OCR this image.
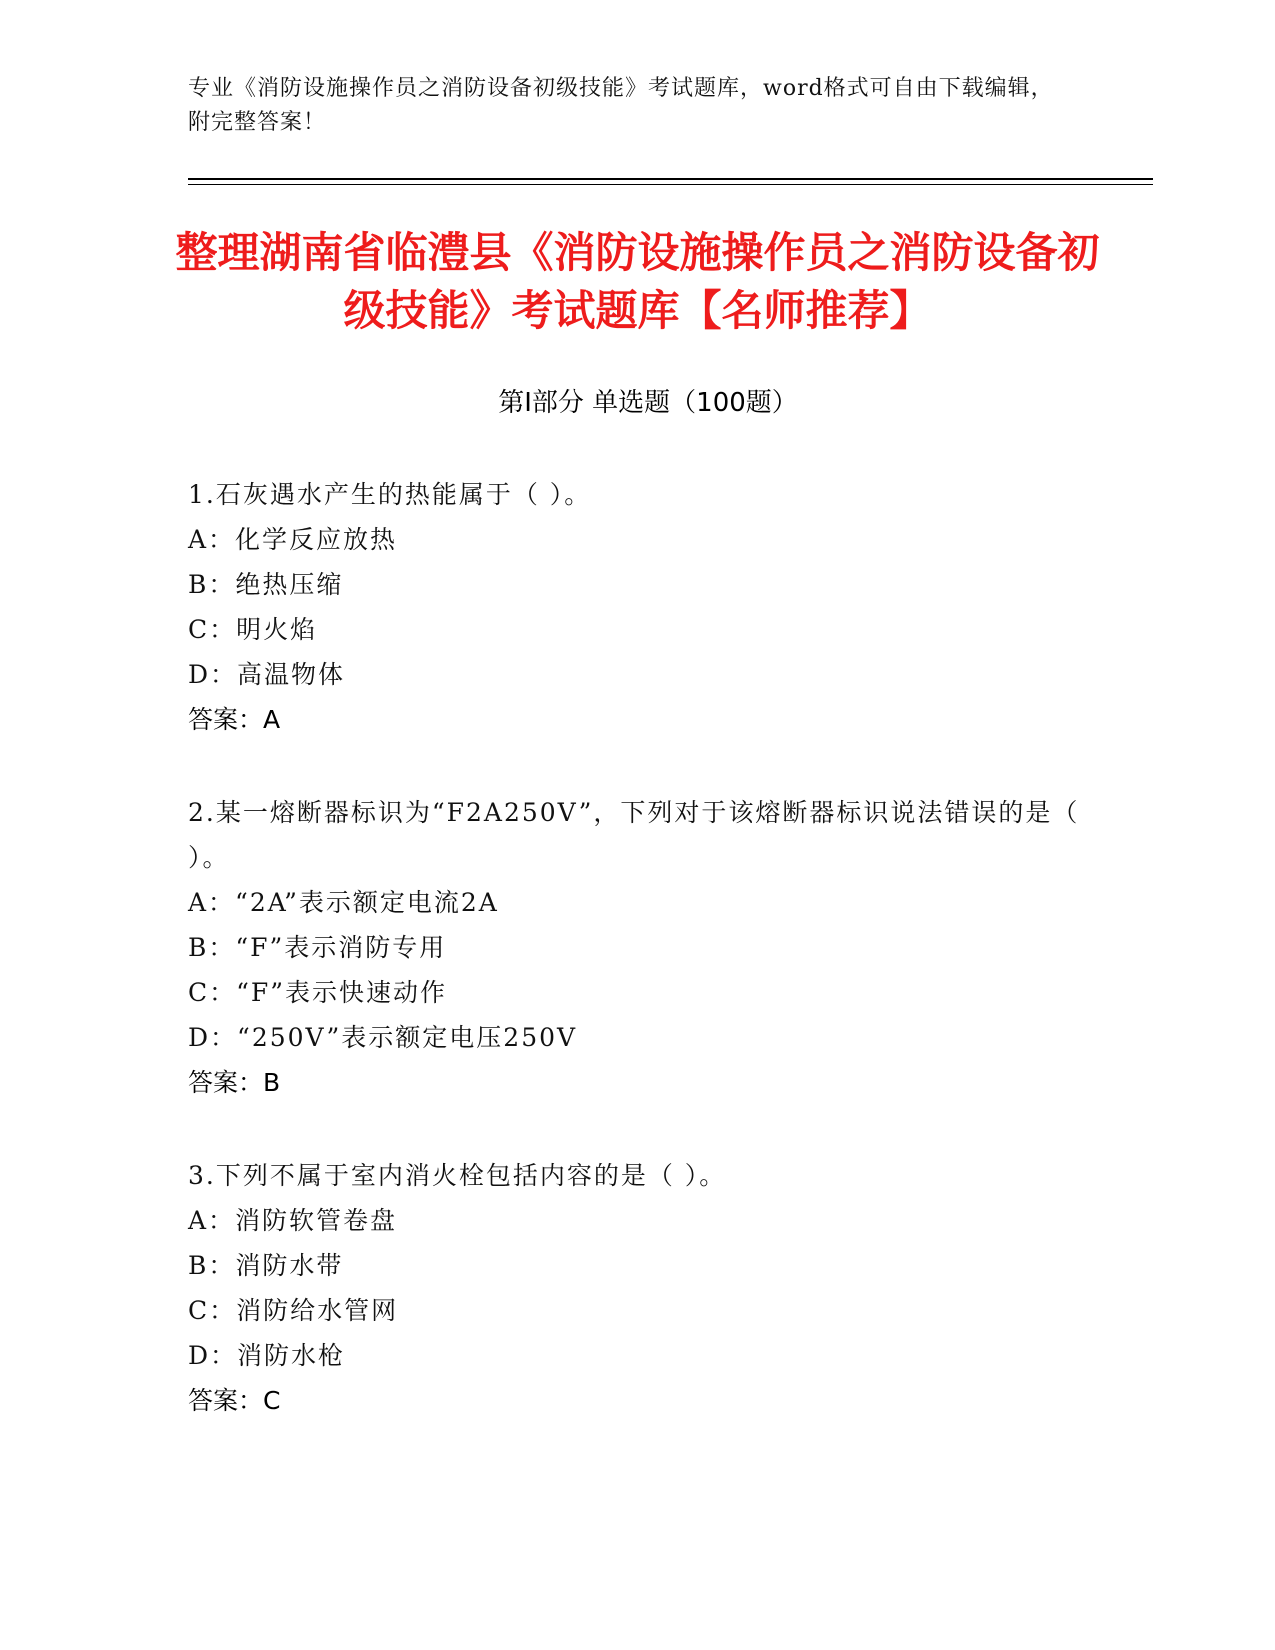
专业《消防设施操作员之消防设备初级技能》考试题库，word格式可自由下载编辑，附完整答案！
整理湖南省临澧县《消防设施操作员之消防设备初级技能》考试题库【名师推荐】
第Ⅰ部分 单选题（100题）

1.石灰遇水产生的热能属于（ ）。

A：化学反应放热

B：绝热压缩

C：明火焰

D：高温物体

答案：A

2.某一熔断器标识为“F2A250V”，下列对于该熔断器标识说法错误的是（ ）。

A：“2A”表示额定电流2A

B：“F”表示消防专用

C：“F”表示快速动作

D：“250V”表示额定电压250V

答案：B

3.下列不属于室内消火栓包括内容的是（ ）。

A：消防软管卷盘

B：消防水带

C：消防给水管网

D：消防水枪

答案：C
